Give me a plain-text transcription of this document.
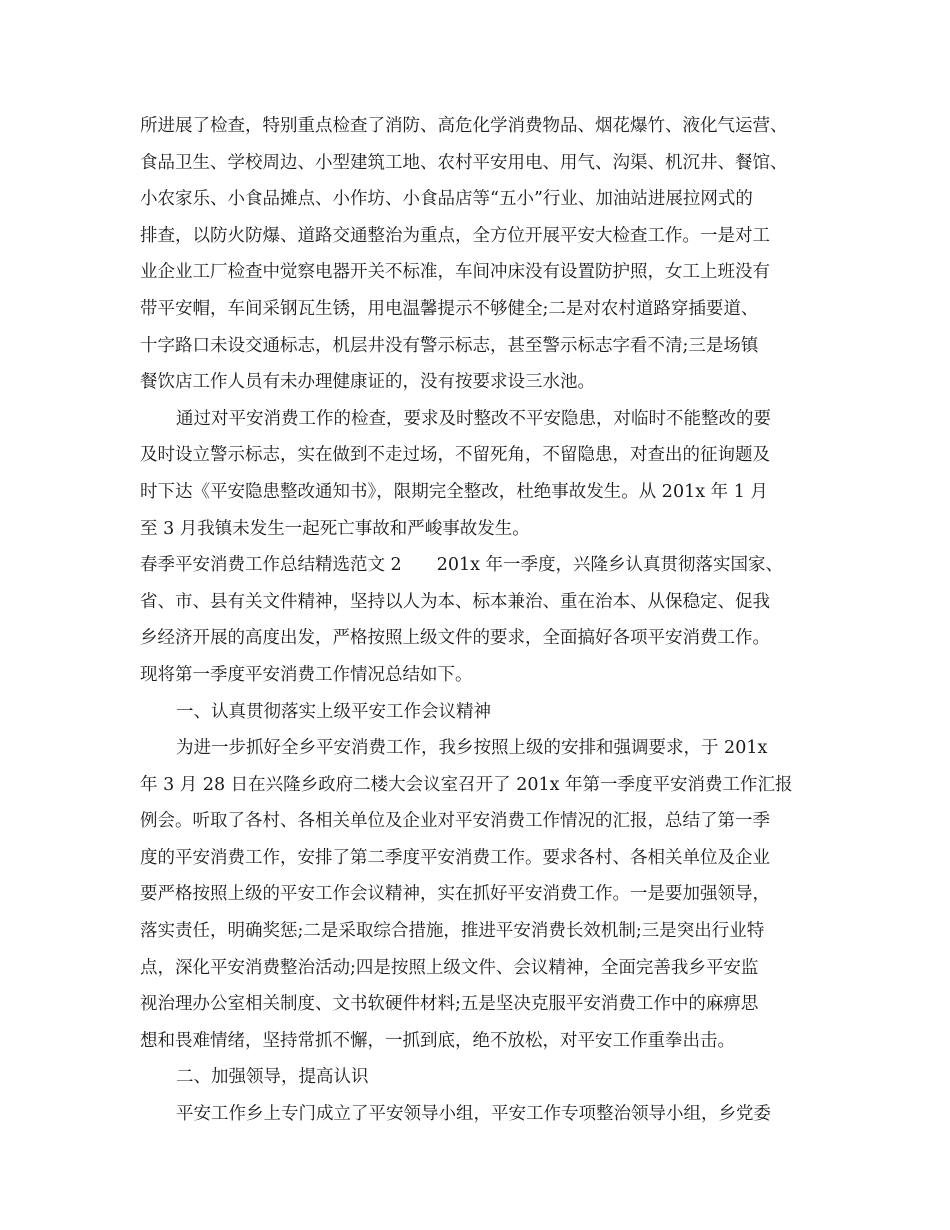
所进展了检查，特别重点检查了消防、高危化学消费物品、烟花爆竹、液化气运营、
食品卫生、学校周边、小型建筑工地、农村平安用电、用气、沟渠、机沉井、餐馆、
小农家乐、小食品摊点、小作坊、小食品店等“五小”行业、加油站进展拉网式的
排查，以防火防爆、道路交通整治为重点，全方位开展平安大检查工作。一是对工
业企业工厂检查中觉察电器开关不标准，车间冲床没有设置防护照，女工上班没有
带平安帽，车间采钢瓦生锈，用电温馨提示不够健全;二是对农村道路穿插要道、
十字路口未设交通标志，机层井没有警示标志，甚至警示标志字看不清;三是场镇
餐饮店工作人员有未办理健康证的，没有按要求设三水池。
通过对平安消费工作的检查，要求及时整改不平安隐患，对临时不能整改的要
及时设立警示标志，实在做到不走过场，不留死角，不留隐患，对查出的征询题及
时下达《平安隐患整改通知书》，限期完全整改，杜绝事故发生。从 201x 年 1 月
至 3 月我镇未发生一起死亡事故和严峻事故发生。
春季平安消费工作总结精选范文 2　　201x 年一季度，兴隆乡认真贯彻落实国家、
省、市、县有关文件精神，坚持以人为本、标本兼治、重在治本、从保稳定、促我
乡经济开展的高度出发，严格按照上级文件的要求，全面搞好各项平安消费工作。
现将第一季度平安消费工作情况总结如下。
一、认真贯彻落实上级平安工作会议精神
为进一步抓好全乡平安消费工作，我乡按照上级的安排和强调要求，于 201x
年 3 月 28 日在兴隆乡政府二楼大会议室召开了 201x 年第一季度平安消费工作汇报
例会。听取了各村、各相关单位及企业对平安消费工作情况的汇报，总结了第一季
度的平安消费工作，安排了第二季度平安消费工作。要求各村、各相关单位及企业
要严格按照上级的平安工作会议精神，实在抓好平安消费工作。一是要加强领导，
落实责任，明确奖惩;二是采取综合措施，推进平安消费长效机制;三是突出行业特
点，深化平安消费整治活动;四是按照上级文件、会议精神，全面完善我乡平安监
视治理办公室相关制度、文书软硬件材料;五是坚决克服平安消费工作中的麻痹思
想和畏难情绪，坚持常抓不懈，一抓到底，绝不放松，对平安工作重拳出击。
二、加强领导，提高认识
平安工作乡上专门成立了平安领导小组，平安工作专项整治领导小组，乡党委
